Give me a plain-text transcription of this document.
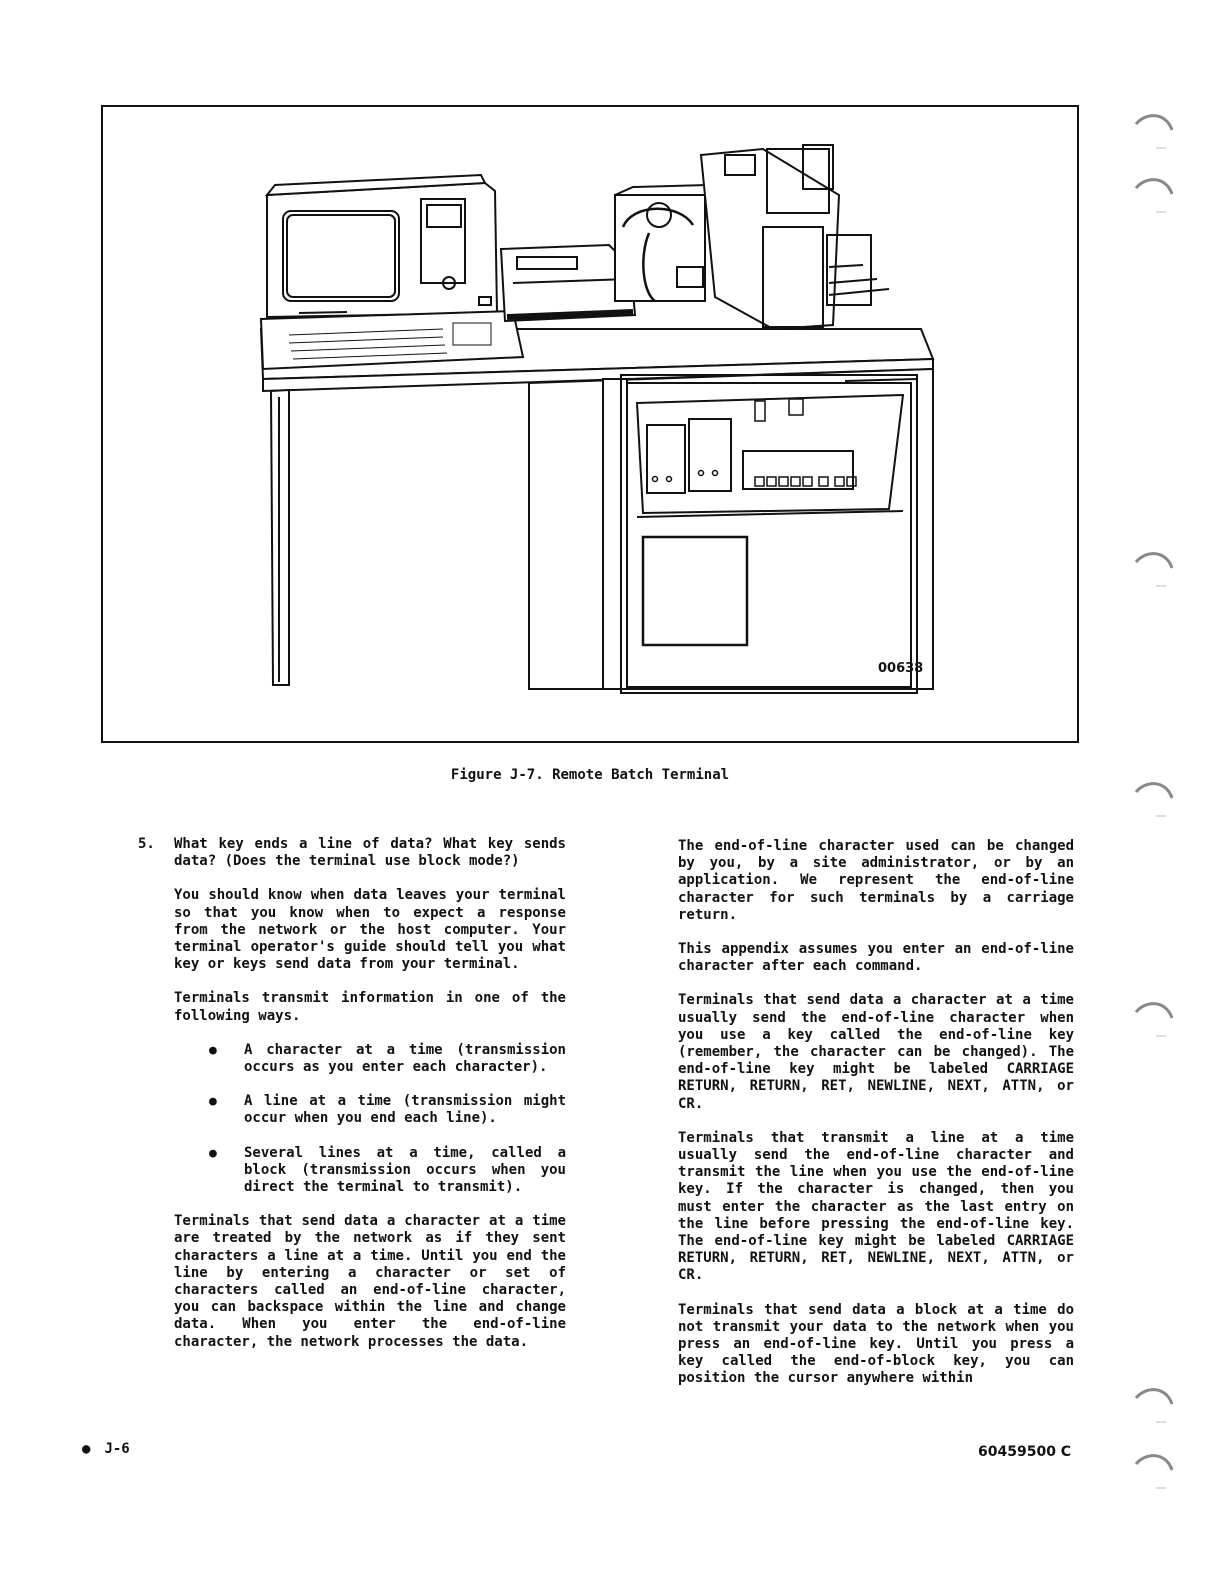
00638
Figure J-7. Remote Batch Terminal
5. What key ends a line of data? What key sends data? (Does the terminal use block mode?)

You should know when data leaves your terminal so that you know when to expect a response from the network or the host computer. Your terminal operator's guide should tell you what key or keys send data from your terminal.

Terminals transmit information in one of the following ways.

● A character at a time (transmission occurs as you enter each character).
● A line at a time (transmission might occur when you end each line).
● Several lines at a time, called a block (transmission occurs when you direct the terminal to transmit).

Terminals that send data a character at a time are treated by the network as if they sent characters a line at a time. Until you end the line by entering a character or set of characters called an end-of-line character, you can backspace within the line and change data. When you enter the end-of-line character, the network processes the data.

The end-of-line character used can be changed by you, by a site administrator, or by an application. We represent the end-of-line character for such terminals by a carriage return.

This appendix assumes you enter an end-of-line character after each command.

Terminals that send data a character at a time usually send the end-of-line character when you use a key called the end-of-line key (remember, the character can be changed). The end-of-line key might be labeled CARRIAGE RETURN, RETURN, RET, NEWLINE, NEXT, ATTN, or CR.

Terminals that transmit a line at a time usually send the end-of-line character and transmit the line when you use the end-of-line key. If the character is changed, then you must enter the character as the last entry on the line before pressing the end-of-line key. The end-of-line key might be labeled CARRIAGE RETURN, RETURN, RET, NEWLINE, NEXT, ATTN, or CR.

Terminals that send data a block at a time do not transmit your data to the network when you press an end-of-line key. Until you press a key called the end-of-block key, you can position the cursor anywhere within

● J-6	60459500 C
